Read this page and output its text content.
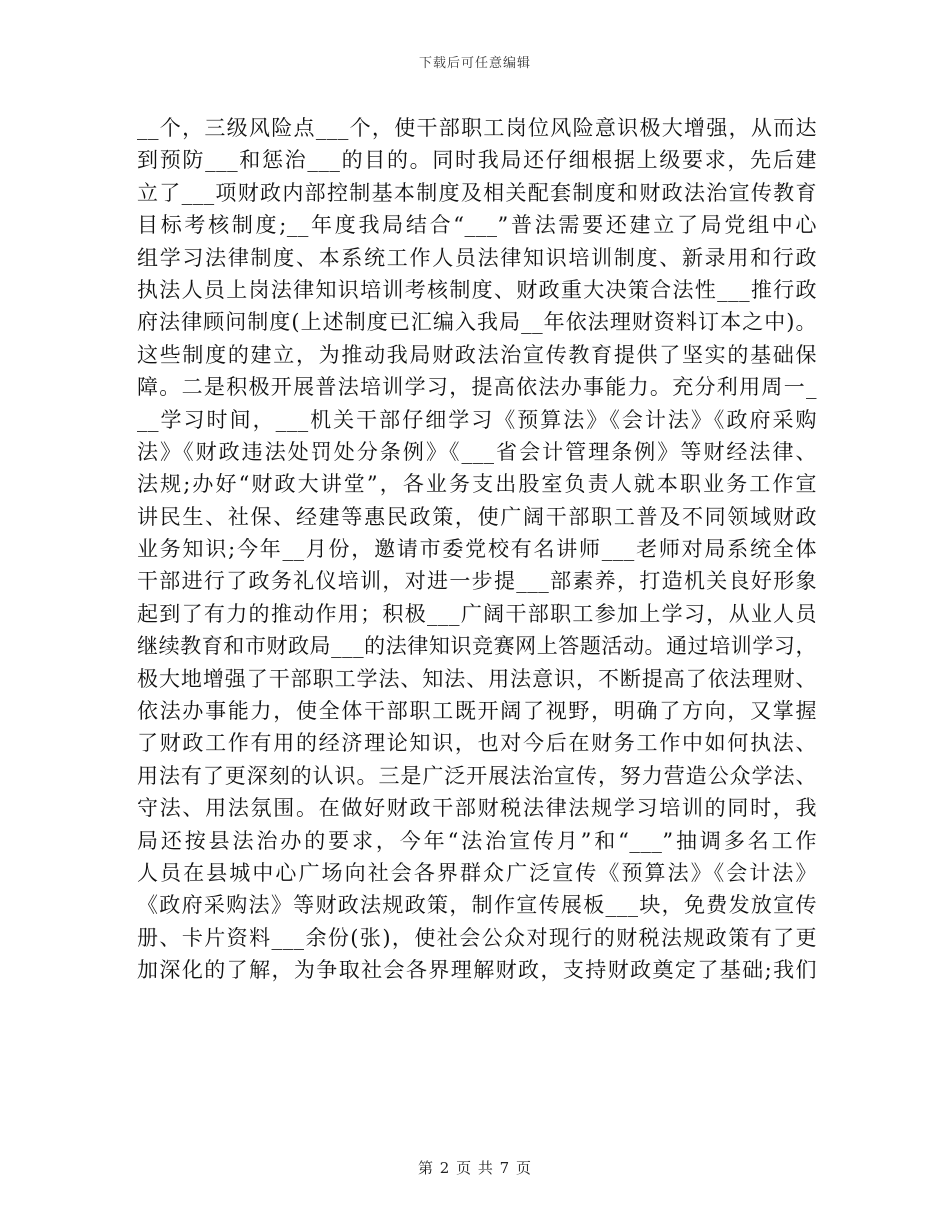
下载后可任意编辑
__个，三级风险点___个，使干部职工岗位风险意识极大增强，从而达
到预防___和惩治___的目的。同时我局还仔细根据上级要求，先后建
立了___项财政内部控制基本制度及相关配套制度和财政法治宣传教育
目标考核制度;__年度我局结合“___”普法需要还建立了局党组中心
组学习法律制度、本系统工作人员法律知识培训制度、新录用和行政
执法人员上岗法律知识培训考核制度、财政重大决策合法性___推行政
府法律顾问制度(上述制度已汇编入我局__年依法理财资料订本之中)。
这些制度的建立，为推动我局财政法治宣传教育提供了坚实的基础保
障。二是积极开展普法培训学习，提高依法办事能力。充分利用周一_
__学习时间，___机关干部仔细学习《预算法》《会计法》《政府采购
法》《财政违法处罚处分条例》《___省会计管理条例》等财经法律、
法规;办好“财政大讲堂”，各业务支出股室负责人就本职业务工作宣
讲民生、社保、经建等惠民政策，使广阔干部职工普及不同领域财政
业务知识;今年__月份，邀请市委党校有名讲师___老师对局系统全体
干部进行了政务礼仪培训，对进一步提___部素养，打造机关良好形象
起到了有力的推动作用；积极___广阔干部职工参加上学习，从业人员
继续教育和市财政局___的法律知识竞赛网上答题活动。通过培训学习，
极大地增强了干部职工学法、知法、用法意识，不断提高了依法理财、
依法办事能力，使全体干部职工既开阔了视野，明确了方向，又掌握
了财政工作有用的经济理论知识，也对今后在财务工作中如何执法、
用法有了更深刻的认识。三是广泛开展法治宣传，努力营造公众学法、
守法、用法氛围。在做好财政干部财税法律法规学习培训的同时，我
局还按县法治办的要求，今年“法治宣传月”和“___”抽调多名工作
人员在县城中心广场向社会各界群众广泛宣传《预算法》《会计法》
《政府采购法》等财政法规政策，制作宣传展板___块，免费发放宣传
册、卡片资料___余份(张)，使社会公众对现行的财税法规政策有了更
加深化的了解，为争取社会各界理解财政，支持财政奠定了基础;我们
第 2 页 共 7 页
